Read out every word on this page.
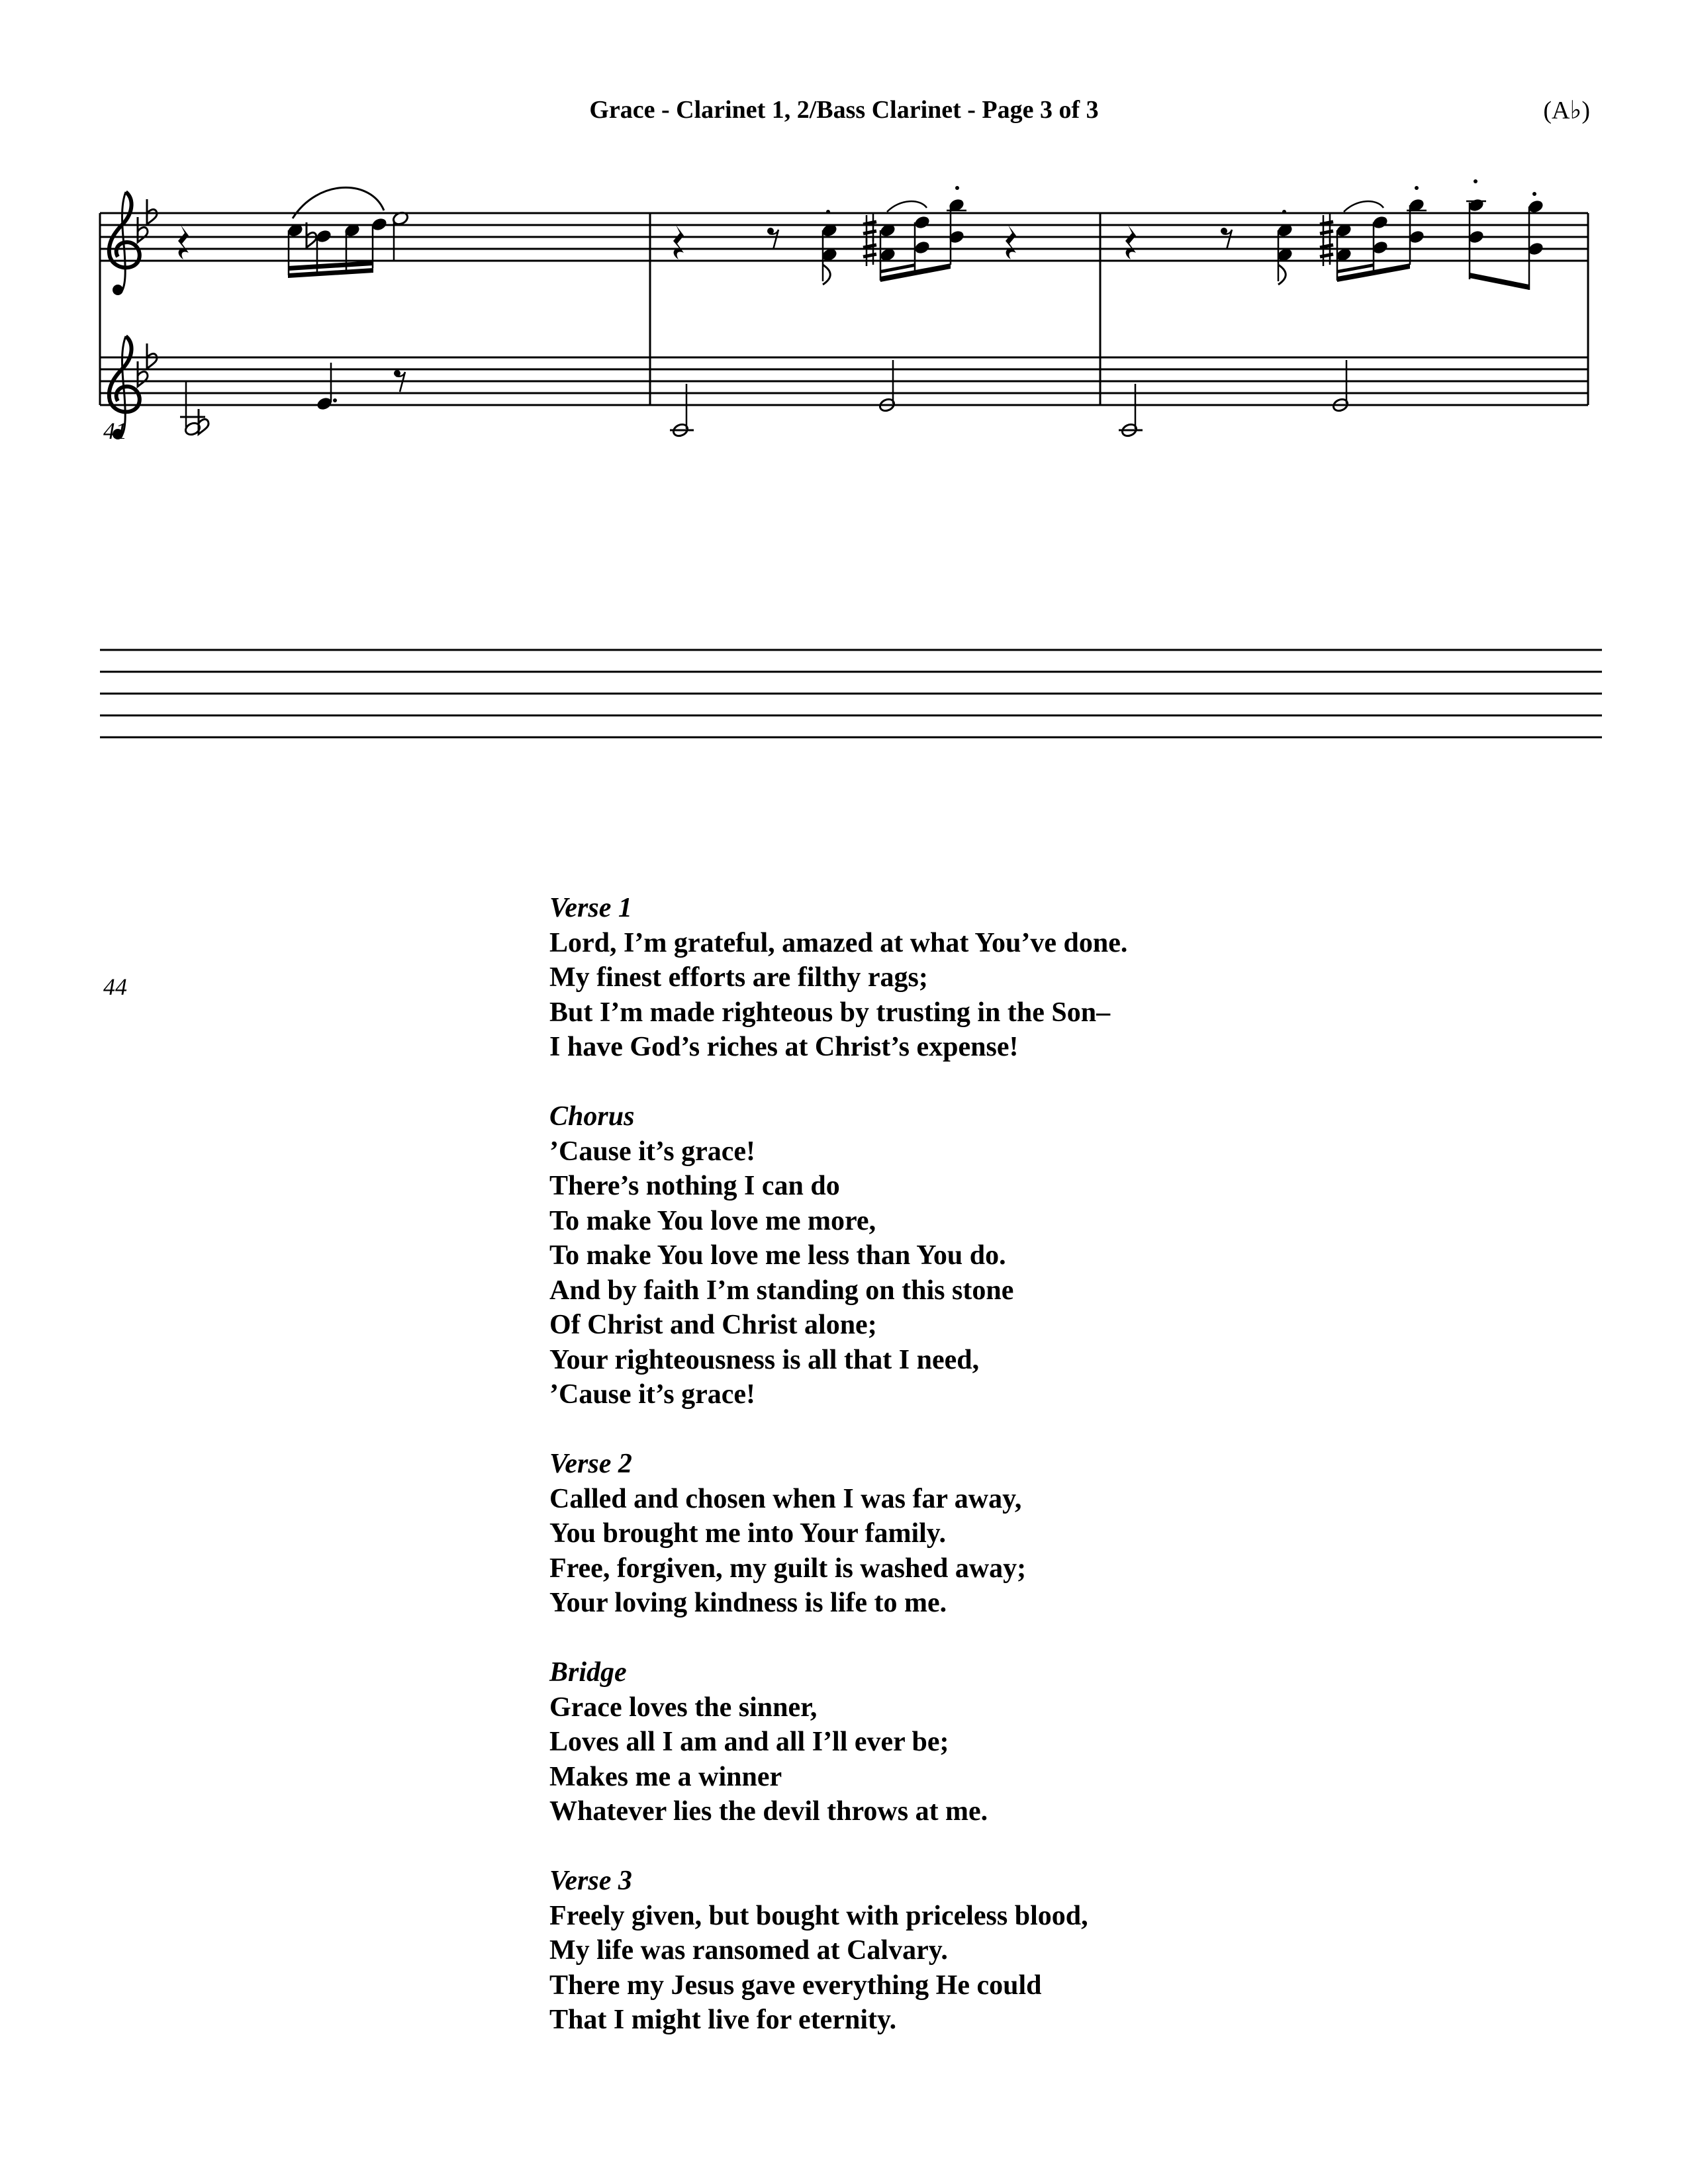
Grace - Clarinet 1, 2/Bass Clarinet - Page 3 of 3	(A♭)
41
44
Verse 1
Lord, I’m grateful, amazed at what You’ve done.
My finest efforts are filthy rags;
But I’m made righteous by trusting in the Son–
I have God’s riches at Christ’s expense!
Chorus
’Cause it’s grace!
There’s nothing I can do
To make You love me more,
To make You love me less than You do.
And by faith I’m standing on this stone
Of Christ and Christ alone;
Your righteousness is all that I need,
’Cause it’s grace!
Verse 2
Called and chosen when I was far away,
You brought me into Your family.
Free, forgiven, my guilt is washed away;
Your loving kindness is life to me.
Bridge
Grace loves the sinner,
Loves all I am and all I’ll ever be;
Makes me a winner
Whatever lies the devil throws at me.
Verse 3
Freely given, but bought with priceless blood,
My life was ransomed at Calvary.
There my Jesus gave everything He could
That I might live for eternity.
